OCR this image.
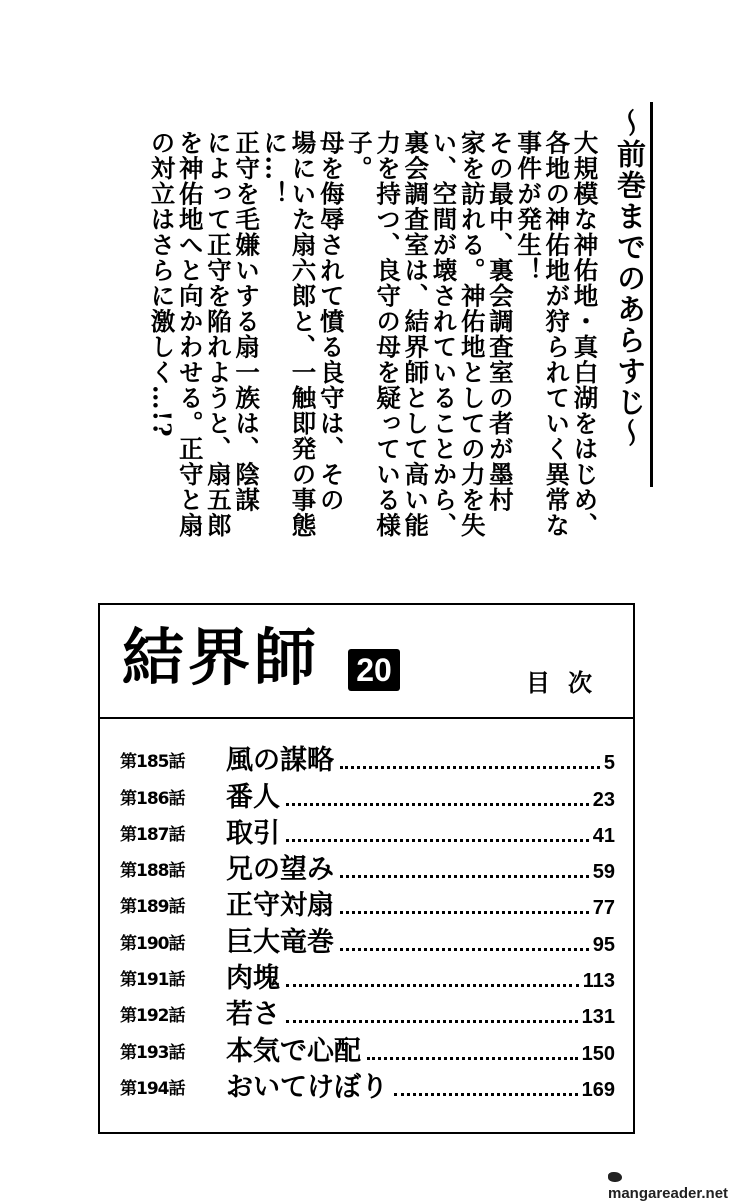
～前巻までのあらすじ～
大規模な神佑地・真白湖をはじめ、
各地の神佑地が狩られていく異常な
事件が発生！
その最中、裏会調査室の者が墨村
家を訪れる。神佑地としての力を失
い、空間が壊されていることから、
裏会調査室は、結界師として高い能
力を持つ、良守の母を疑っている様
子。
母を侮辱されて憤る良守は、その
場にいた扇六郎と、一触即発の事態
に…！
正守を毛嫌いする扇一族は、陰謀
によって正守を陥れようと、扇五郎
を神佑地へと向かわせる。正守と扇
の対立はさらに激しく…!?
結界師 20	目次
第185話	風の謀略	5
第186話	番人	23
第187話	取引	41
第188話	兄の望み	59
第189話	正守対扇	77
第190話	巨大竜巻	95
第191話	肉塊	113
第192話	若さ	131
第193話	本気で心配	150
第194話	おいてけぼり	169
mangareader.net
